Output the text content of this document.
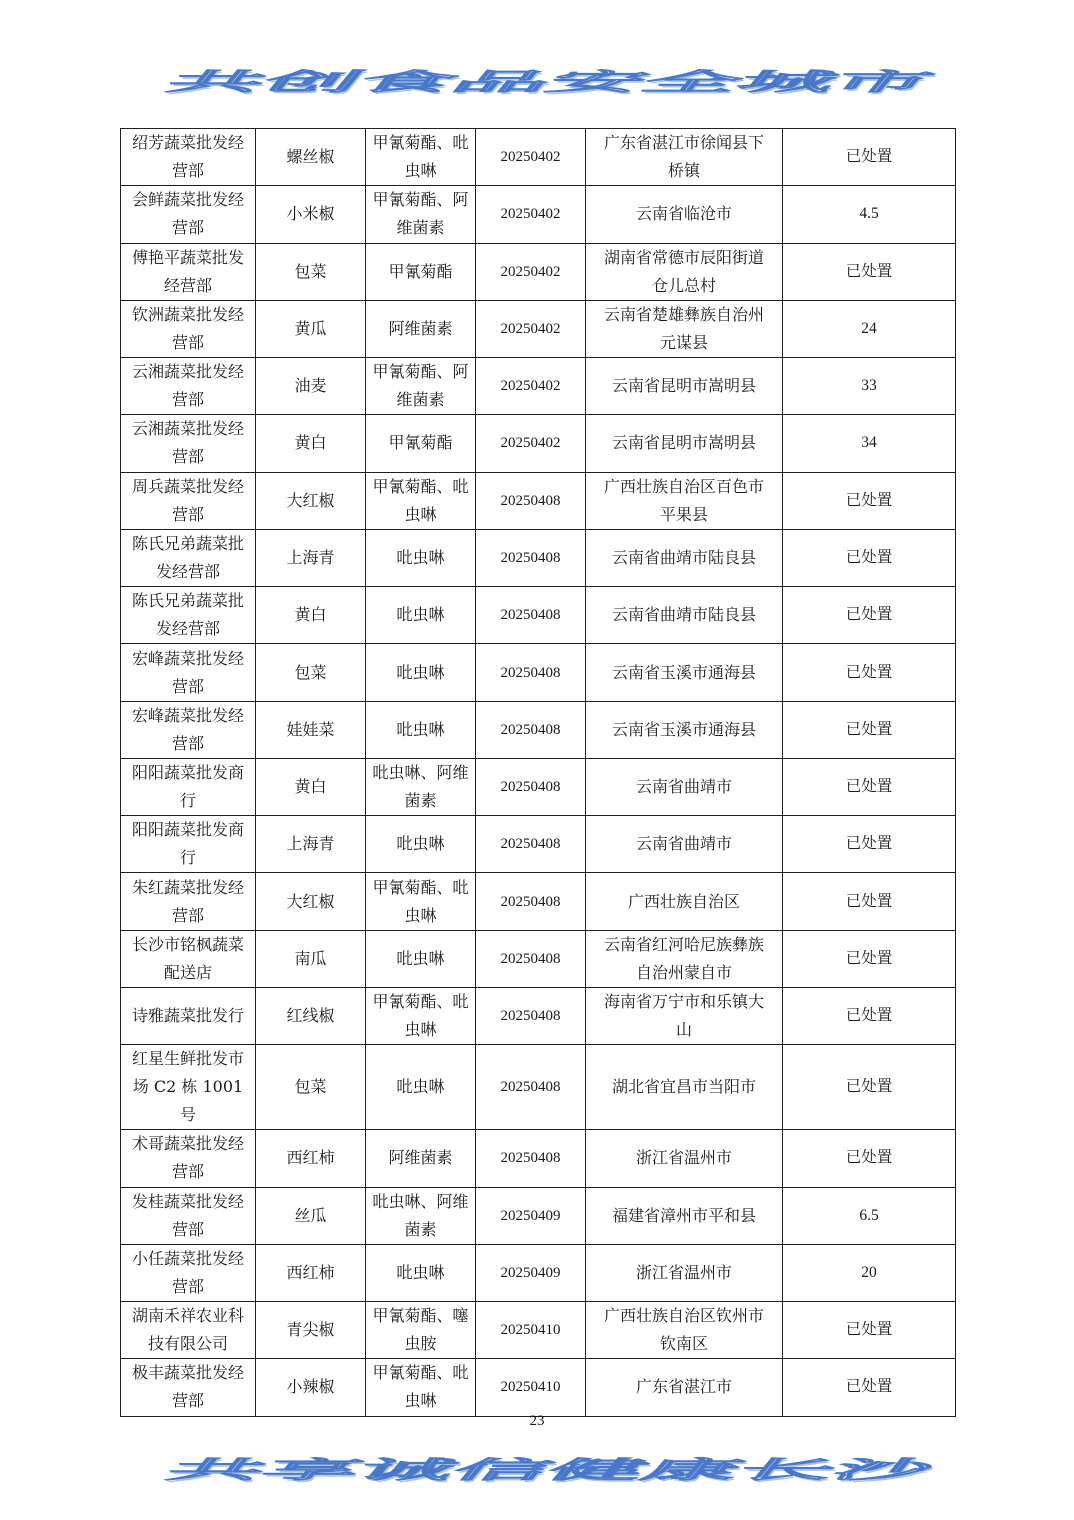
共创食品安全城市
绍芳蔬菜批发经营部	螺丝椒	甲氰菊酯、吡虫啉	20250402	广东省湛江市徐闻县下桥镇	已处置

会鲜蔬菜批发经营部	小米椒	甲氰菊酯、阿维菌素	20250402	云南省临沧市	4.5

傅艳平蔬菜批发经营部	包菜	甲氰菊酯	20250402	湖南省常德市辰阳街道仓儿总村	已处置

钦洲蔬菜批发经营部	黄瓜	阿维菌素	20250402	云南省楚雄彝族自治州元谋县	24

云湘蔬菜批发经营部	油麦	甲氰菊酯、阿维菌素	20250402	云南省昆明市嵩明县	33

云湘蔬菜批发经营部	黄白	甲氰菊酯	20250402	云南省昆明市嵩明县	34

周兵蔬菜批发经营部	大红椒	甲氰菊酯、吡虫啉	20250408	广西壮族自治区百色市平果县	已处置

陈氏兄弟蔬菜批发经营部	上海青	吡虫啉	20250408	云南省曲靖市陆良县	已处置

陈氏兄弟蔬菜批发经营部	黄白	吡虫啉	20250408	云南省曲靖市陆良县	已处置

宏峰蔬菜批发经营部	包菜	吡虫啉	20250408	云南省玉溪市通海县	已处置

宏峰蔬菜批发经营部	娃娃菜	吡虫啉	20250408	云南省玉溪市通海县	已处置

阳阳蔬菜批发商行	黄白	吡虫啉、阿维菌素	20250408	云南省曲靖市	已处置

阳阳蔬菜批发商行	上海青	吡虫啉	20250408	云南省曲靖市	已处置

朱红蔬菜批发经营部	大红椒	甲氰菊酯、吡虫啉	20250408	广西壮族自治区	已处置

长沙市铭枫蔬菜配送店	南瓜	吡虫啉	20250408	云南省红河哈尼族彝族自治州蒙自市	已处置

诗雅蔬菜批发行	红线椒	甲氰菊酯、吡虫啉	20250408	海南省万宁市和乐镇大山	已处置

红星生鲜批发市场 C2 栋 1001 号	包菜	吡虫啉	20250408	湖北省宜昌市当阳市	已处置

术哥蔬菜批发经营部	西红柿	阿维菌素	20250408	浙江省温州市	已处置

发桂蔬菜批发经营部	丝瓜	吡虫啉、阿维菌素	20250409	福建省漳州市平和县	6.5

小任蔬菜批发经营部	西红柿	吡虫啉	20250409	浙江省温州市	20

湖南禾祥农业科技有限公司	青尖椒	甲氰菊酯、噻虫胺	20250410	广西壮族自治区钦州市钦南区	已处置

极丰蔬菜批发经营部	小辣椒	甲氰菊酯、吡虫啉	20250410	广东省湛江市	已处置
23
共享诚信健康长沙
